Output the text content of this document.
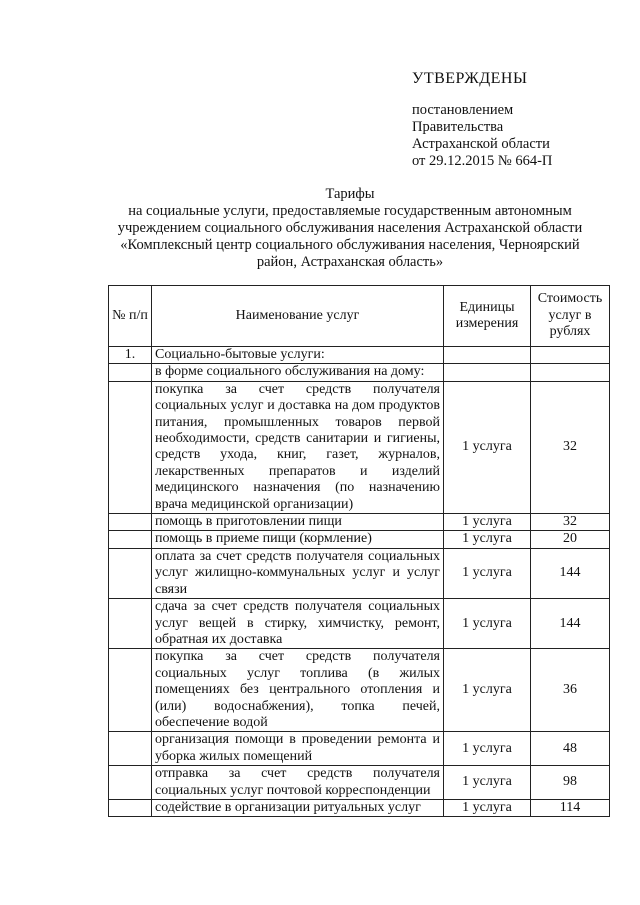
УТВЕРЖДЕНЫ
постановлением
Правительства
Астраханской области
от 29.12.2015 № 664-П
Тарифы
на социальные услуги, предоставляемые государственным автономным
учреждением социального обслуживания населения Астраханской области
«Комплексный центр социального обслуживания населения, Черноярский
район, Астраханская область»
№ п/п	Наименование услуг	Единицы измерения	Стоимость услуг в рублях
1.	Социально-бытовые услуги:		
	в форме социального обслуживания на дому:		
	покупка за счет средств получателя социальных услуг и доставка на дом продуктов питания, промышленных товаров первой необходимости, средств санитарии и гигиены, средств ухода, книг, газет, журналов, лекарственных препаратов и изделий медицинского назначения (по назначению врача медицинской организации)	1 услуга	32
	помощь в приготовлении пищи	1 услуга	32
	помощь в приеме пищи (кормление)	1 услуга	20
	оплата за счет средств получателя социальных услуг жилищно-коммунальных услуг и услуг связи	1 услуга	144
	сдача за счет средств получателя социальных услуг вещей в стирку, химчистку, ремонт, обратная их доставка	1 услуга	144
	покупка за счет средств получателя социальных услуг топлива (в жилых помещениях без центрального отопления и (или) водоснабжения), топка печей, обеспечение водой	1 услуга	36
	организация помощи в проведении ремонта и уборка жилых помещений	1 услуга	48
	отправка за счет средств получателя социальных услуг почтовой корреспонденции	1 услуга	98
	содействие в организации ритуальных услуг	1 услуга	114
